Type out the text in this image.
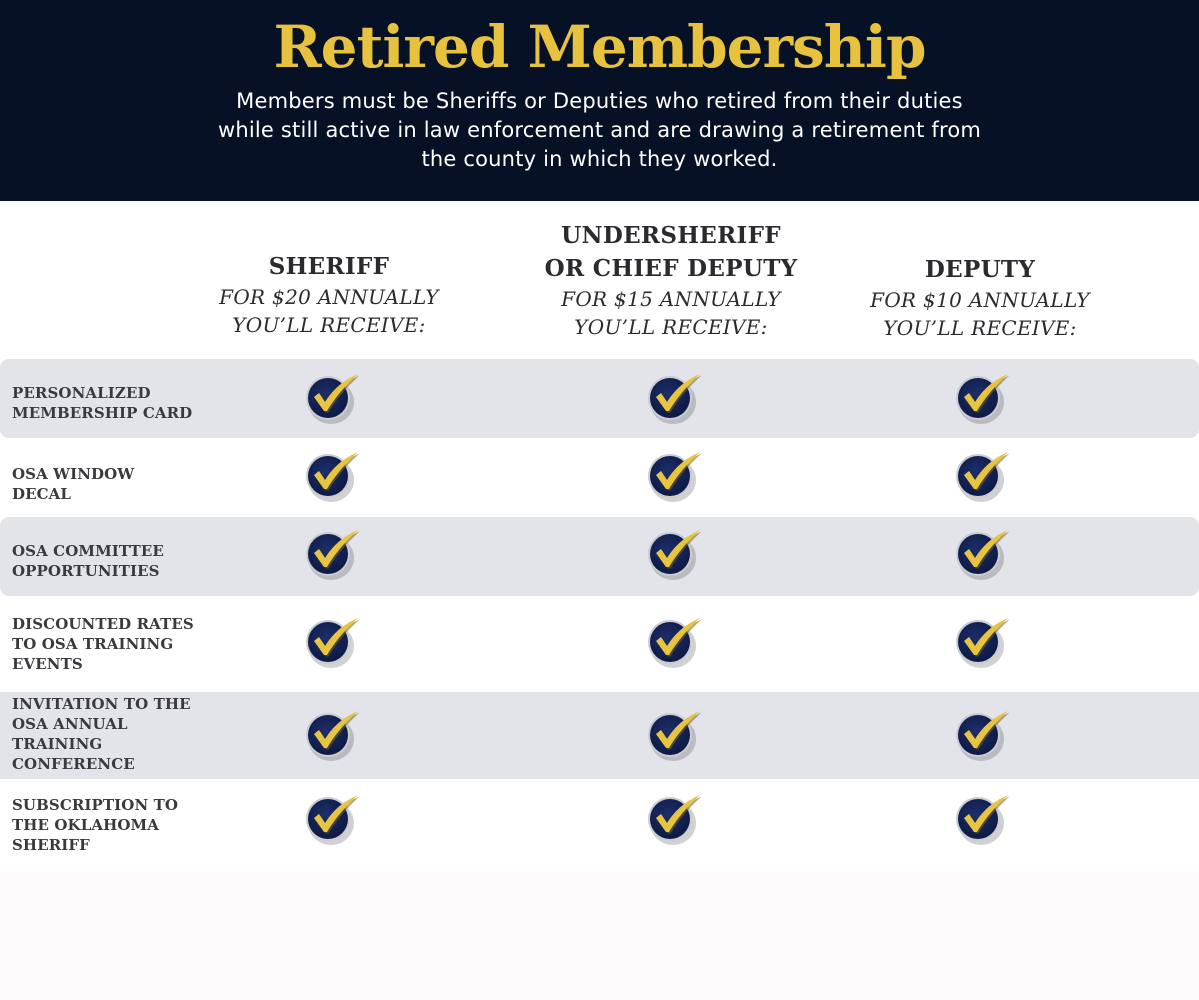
Retired Membership
Members must be Sheriffs or Deputies who retired from their duties
while still active in law enforcement and are drawing a retirement from
the county in which they worked.
SHERIFF
FOR $20 ANNUALLY
YOU’LL RECEIVE:
UNDERSHERIFF
OR CHIEF DEPUTY
FOR $15 ANNUALLY
YOU’LL RECEIVE:
DEPUTY
FOR $10 ANNUALLY
YOU’LL RECEIVE:
PERSONALIZED
MEMBERSHIP CARD
OSA WINDOW DECAL
OSA COMMITTEE
OPPORTUNITIES
DISCOUNTED RATES
TO OSA TRAINING
EVENTS
INVITATION TO THE
OSA ANNUAL
TRAINING
CONFERENCE
SUBSCRIPTION TO
THE OKLAHOMA
SHERIFF
